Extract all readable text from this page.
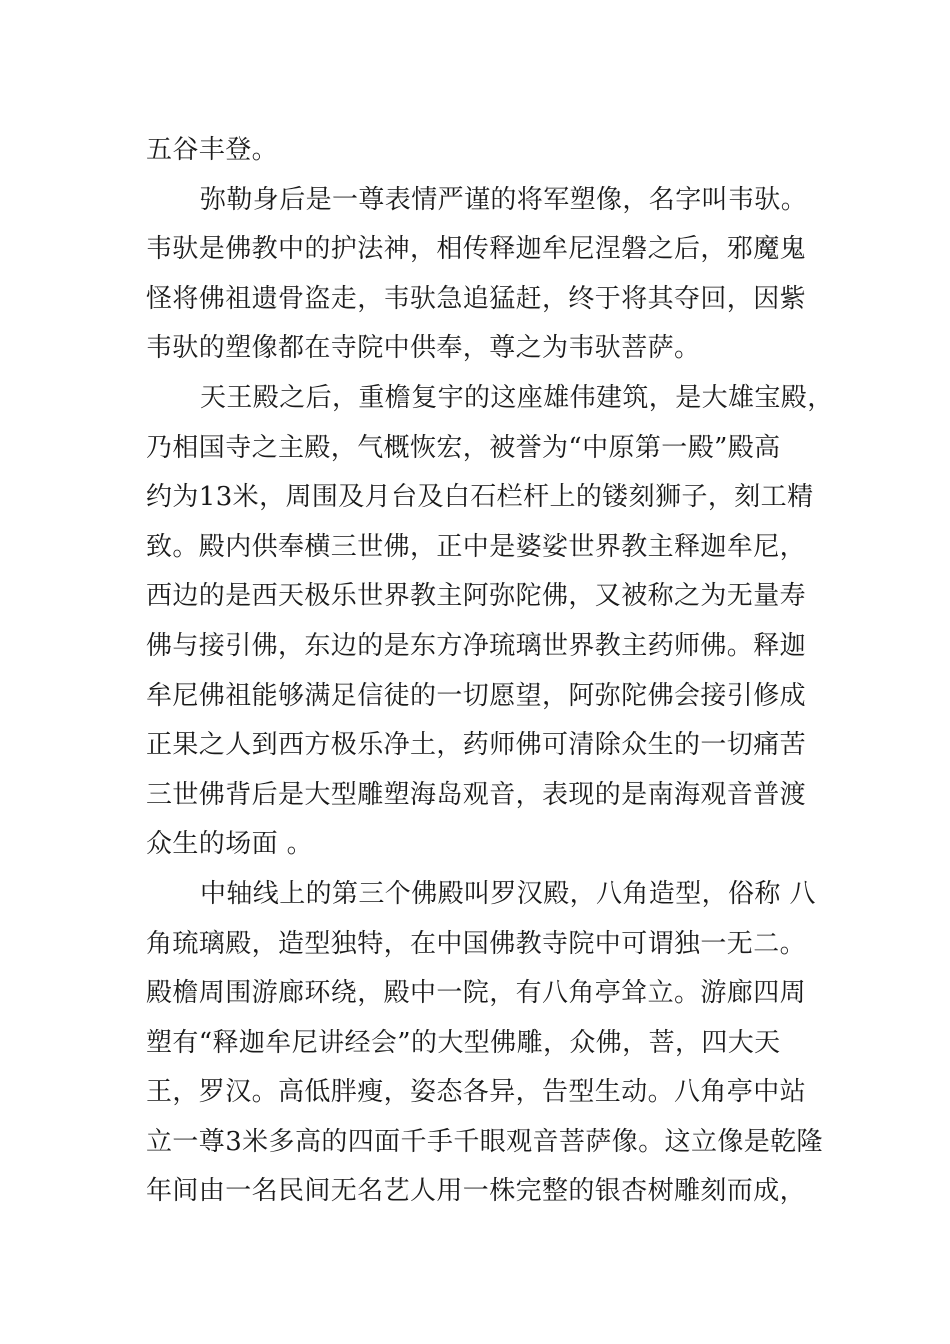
五谷丰登。
弥勒身后是一尊表情严谨的将军塑像，名字叫韦驮。
韦驮是佛教中的护法神，相传释迦牟尼涅磐之后，邪魔鬼
怪将佛祖遗骨盗走，韦驮急追猛赶，终于将其夺回，因紫
韦驮的塑像都在寺院中供奉，尊之为韦驮菩萨。
天王殿之后，重檐复宇的这座雄伟建筑，是大雄宝殿，
乃相国寺之主殿，气概恢宏，被誉为“中原第一殿”殿高
约为13米，周围及月台及白石栏杆上的镂刻狮子，刻工精
致。殿内供奉横三世佛，正中是婆娑世界教主释迦牟尼，
西边的是西天极乐世界教主阿弥陀佛，又被称之为无量寿
佛与接引佛，东边的是东方净琉璃世界教主药师佛。释迦
牟尼佛祖能够满足信徒的一切愿望，阿弥陀佛会接引修成
正果之人到西方极乐净土，药师佛可清除众生的一切痛苦
三世佛背后是大型雕塑海岛观音，表现的是南海观音普渡
众生的场面 。
中轴线上的第三个佛殿叫罗汉殿，八角造型，俗称 八
角琉璃殿，造型独特，在中国佛教寺院中可谓独一无二。
殿檐周围游廊环绕，殿中一院，有八角亭耸立。游廊四周
塑有“释迦牟尼讲经会”的大型佛雕，众佛，菩，四大天
王，罗汉。高低胖瘦，姿态各异，告型生动。八角亭中站
立一尊3米多高的四面千手千眼观音菩萨像。这立像是乾隆
年间由一名民间无名艺人用一株完整的银杏树雕刻而成，
